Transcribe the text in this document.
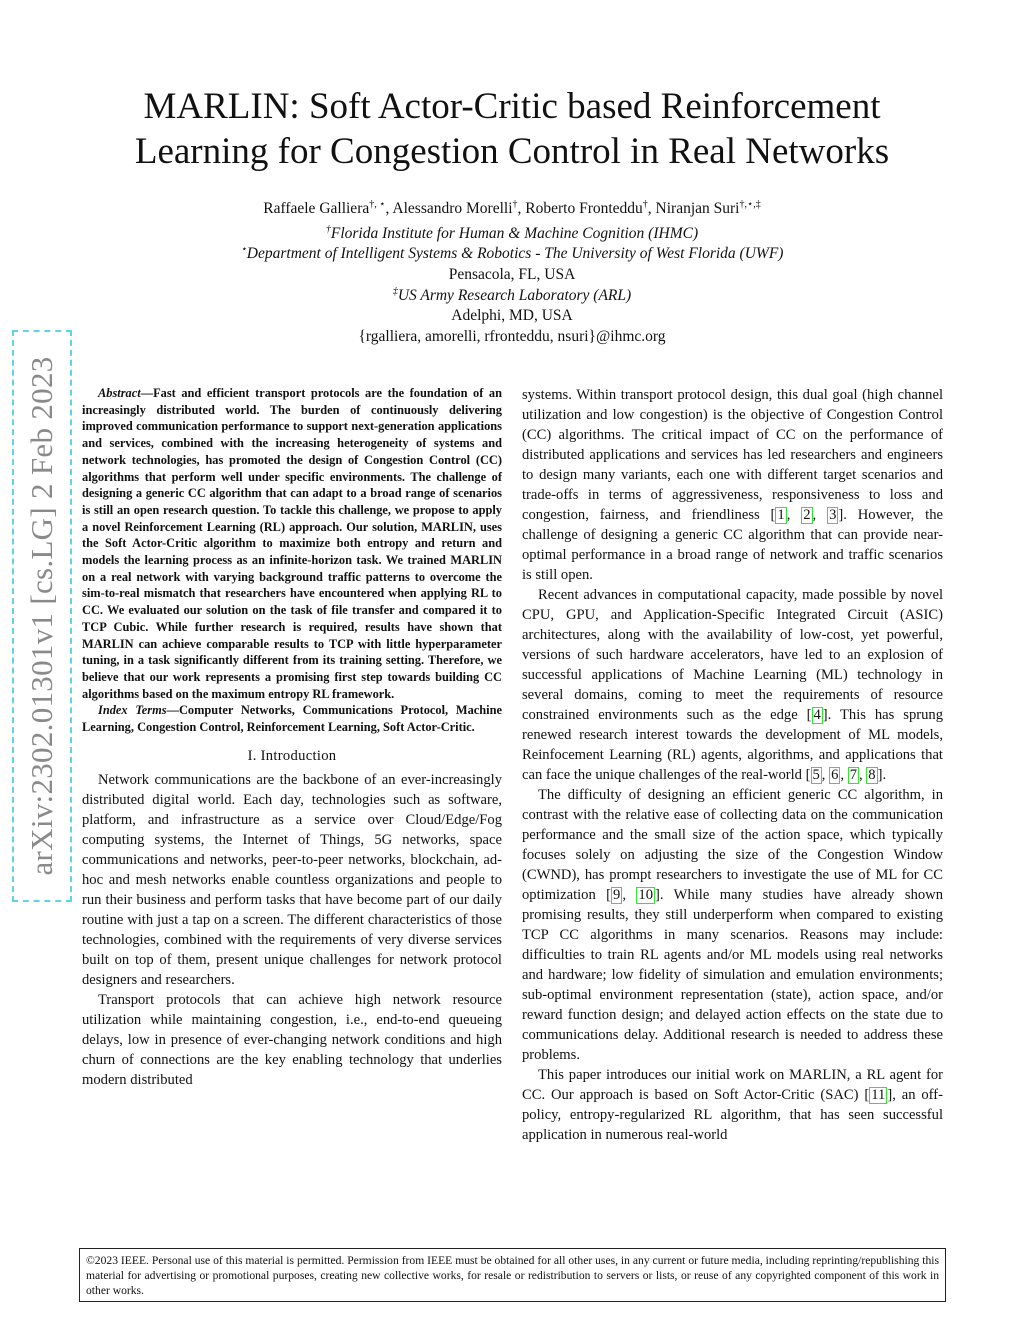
MARLIN: Soft Actor-Critic based Reinforcement
Learning for Congestion Control in Real Networks
Raffaele Galliera†, ⋆, Alessandro Morelli†, Roberto Fronteddu†, Niranjan Suri†,⋆,‡
†Florida Institute for Human & Machine Cognition (IHMC)
⋆Department of Intelligent Systems & Robotics - The University of West Florida (UWF)
Pensacola, FL, USA
‡US Army Research Laboratory (ARL)
Adelphi, MD, USA
{rgalliera, amorelli, rfronteddu, nsuri}@ihmc.org
arXiv:2302.01301v1 [cs.LG] 2 Feb 2023	Abstract—Fast and efficient transport protocols are the foundation of an increasingly distributed world. The burden of continuously delivering improved communication performance to support next-generation applications and services, combined with the increasing heterogeneity of systems and network technologies, has promoted the design of Congestion Control (CC) algorithms that perform well under specific environments. The challenge of designing a generic CC algorithm that can adapt to a broad range of scenarios is still an open research question. To tackle this challenge, we propose to apply a novel Reinforcement Learning (RL) approach. Our solution, MARLIN, uses the Soft Actor-Critic algorithm to maximize both entropy and return and models the learning process as an infinite-horizon task. We trained MARLIN on a real network with varying background traffic patterns to overcome the sim-to-real mismatch that researchers have encountered when applying RL to CC. We evaluated our solution on the task of file transfer and compared it to TCP Cubic. While further research is required, results have shown that MARLIN can achieve comparable results to TCP with little hyperparameter tuning, in a task significantly different from its training setting. Therefore, we believe that our work represents a promising first step towards building CC algorithms based on the maximum entropy RL framework.

Index Terms—Computer Networks, Communications Protocol, Machine Learning, Congestion Control, Reinforcement Learning, Soft Actor-Critic.

I. Introduction

Network communications are the backbone of an ever-increasingly distributed digital world. Each day, technologies such as software, platform, and infrastructure as a service over Cloud/Edge/Fog computing systems, the Internet of Things, 5G networks, space communications and networks, peer-to-peer networks, blockchain, ad-hoc and mesh networks enable countless organizations and people to run their business and perform tasks that have become part of our daily routine with just a tap on a screen. The different characteristics of those technologies, combined with the requirements of very diverse services built on top of them, present unique challenges for network protocol designers and researchers.

Transport protocols that can achieve high network resource utilization while maintaining congestion, i.e., end-to-end queueing delays, low in presence of ever-changing network conditions and high churn of connections are the key enabling technology that underlies modern distributed

systems. Within transport protocol design, this dual goal (high channel utilization and low congestion) is the objective of Congestion Control (CC) algorithms. The critical impact of CC on the performance of distributed applications and services has led researchers and engineers to design many variants, each one with different target scenarios and trade-offs in terms of aggressiveness, responsiveness to loss and congestion, fairness, and friendliness [ 1 , 2 , 3 ]. However, the challenge of designing a generic CC algorithm that can provide near-optimal performance in a broad range of network and traffic scenarios is still open.

Recent advances in computational capacity, made possible by novel CPU, GPU, and Application-Specific Integrated Circuit (ASIC) architectures, along with the availability of low-cost, yet powerful, versions of such hardware accelerators, have led to an explosion of successful applications of Machine Learning (ML) technology in several domains, coming to meet the requirements of resource constrained environments such as the edge [ 4 ]. This has sprung renewed research interest towards the development of ML models, Reinfocement Learning (RL) agents, algorithms, and applications that can face the unique challenges of the real-world [ 5 , 6 , 7 , 8 ].

The difficulty of designing an efficient generic CC algorithm, in contrast with the relative ease of collecting data on the communication performance and the small size of the action space, which typically focuses solely on adjusting the size of the Congestion Window (CWND), has prompt researchers to investigate the use of ML for CC optimization [ 9 , 10 ]. While many studies have already shown promising results, they still underperform when compared to existing TCP CC algorithms in many scenarios. Reasons may include: difficulties to train RL agents and/or ML models using real networks and hardware; low fidelity of simulation and emulation environments; sub-optimal environment representation (state), action space, and/or reward function design; and delayed action effects on the state due to communications delay. Additional research is needed to address these problems.

This paper introduces our initial work on MARLIN, a RL agent for CC. Our approach is based on Soft Actor-Critic (SAC) [ 11 ], an off-policy, entropy-regularized RL algorithm, that has seen successful application in numerous real-world

©2023 IEEE. Personal use of this material is permitted. Permission from IEEE must be obtained for all other uses, in any current or future media, including reprinting/republishing this material for advertising or promotional purposes, creating new collective works, for resale or redistribution to servers or lists, or reuse of any copyrighted component of this work in other works.
